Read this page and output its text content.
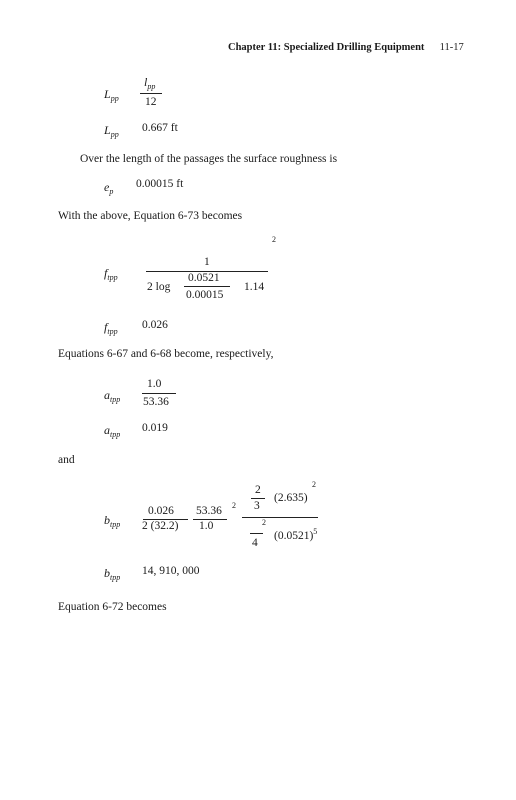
Chapter 11: Specialized Drilling Equipment 11-17
$L_{pp}$
$l_{pp}$
12
$L_{pp}$
0.667 ft
Over the length of the passages the surface roughness is
$e_p$
0.00015 ft
With the above, Equation 6-73 becomes
2
$f_{tpp}$
1
2 log
0.0521
0.00015
1.14
$f_{tpp}$
0.026
Equations 6-67 and 6-68 become, respectively,
$a_{tpp}$
1.0
53.36
$a_{tpp}$
0.019
and
2
2
(2.635)
3
2
$b_{tpp}$
0.026 53.36
2 (32.2) 1.0	2
$(0.0521)^5$
4
$b_{tpp}$
14, 910, 000
Equation 6-72 becomes
